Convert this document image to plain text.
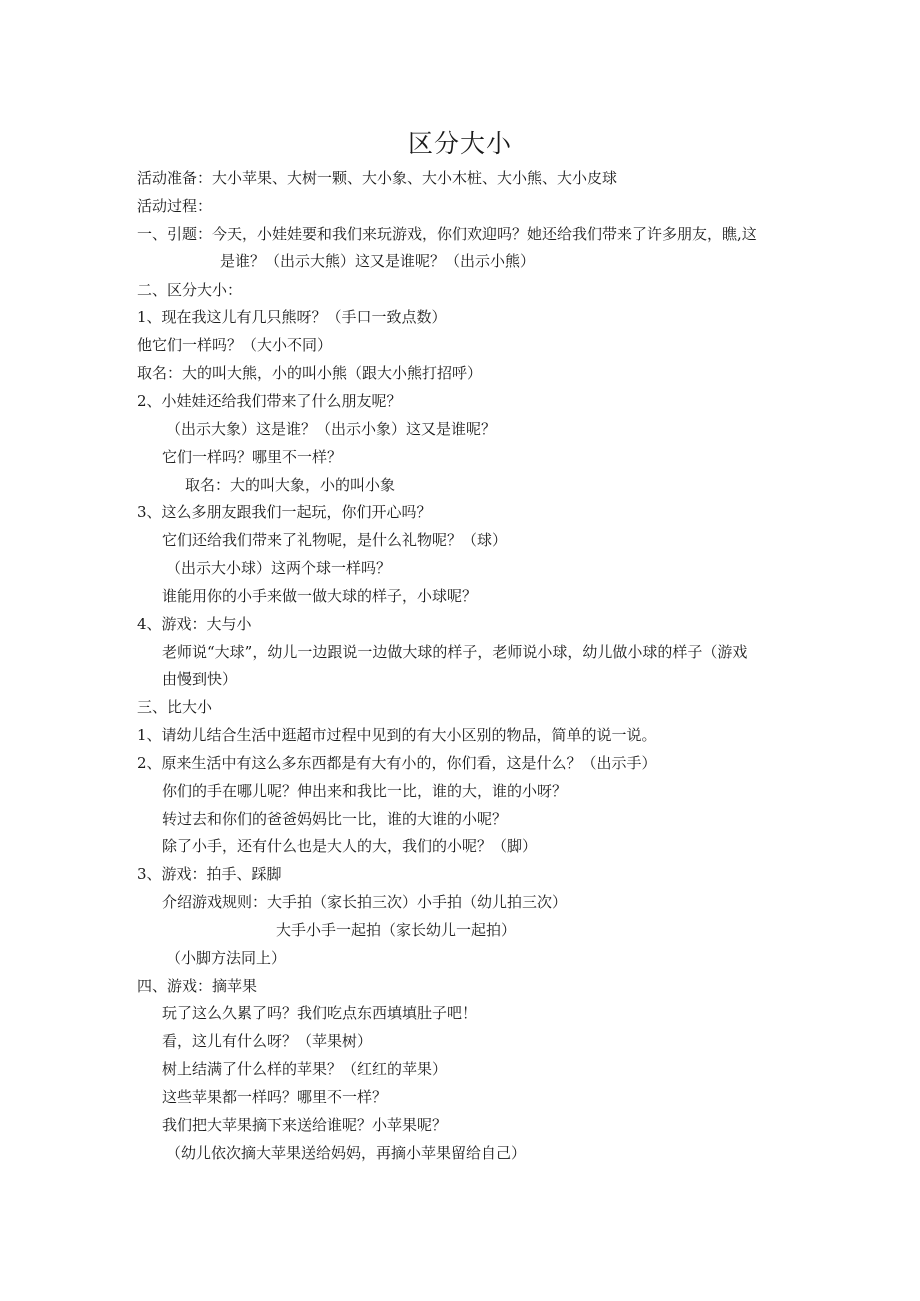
区分大小
活动准备：大小苹果、大树一颗、大小象、大小木桩、大小熊、大小皮球
活动过程：
一、引题：今天，小娃娃要和我们来玩游戏，你们欢迎吗？她还给我们带来了许多朋友，瞧,这
是谁？（出示大熊）这又是谁呢？（出示小熊）
二、区分大小：
1、现在我这儿有几只熊呀？（手口一致点数）
他它们一样吗？（大小不同）
取名：大的叫大熊，小的叫小熊（跟大小熊打招呼）
2、小娃娃还给我们带来了什么朋友呢？
（出示大象）这是谁？（出示小象）这又是谁呢？
它们一样吗？哪里不一样？
取名：大的叫大象，小的叫小象
3、这么多朋友跟我们一起玩，你们开心吗？
它们还给我们带来了礼物呢，是什么礼物呢？（球）
（出示大小球）这两个球一样吗？
谁能用你的小手来做一做大球的样子，小球呢？
4、游戏：大与小
老师说“大球”，幼儿一边跟说一边做大球的样子，老师说小球，幼儿做小球的样子（游戏
由慢到快）
三、比大小
1、请幼儿结合生活中逛超市过程中见到的有大小区别的物品，简单的说一说。
2、原来生活中有这么多东西都是有大有小的，你们看，这是什么？（出示手）
你们的手在哪儿呢？伸出来和我比一比，谁的大，谁的小呀？
转过去和你们的爸爸妈妈比一比，谁的大谁的小呢？
除了小手，还有什么也是大人的大，我们的小呢？（脚）
3、游戏：拍手、踩脚
介绍游戏规则：大手拍（家长拍三次）小手拍（幼儿拍三次）
大手小手一起拍（家长幼儿一起拍）
（小脚方法同上）
四、游戏：摘苹果
玩了这么久累了吗？我们吃点东西填填肚子吧！
看，这儿有什么呀？（苹果树）
树上结满了什么样的苹果？（红红的苹果）
这些苹果都一样吗？哪里不一样？
我们把大苹果摘下来送给谁呢？小苹果呢？
（幼儿依次摘大苹果送给妈妈，再摘小苹果留给自己）
